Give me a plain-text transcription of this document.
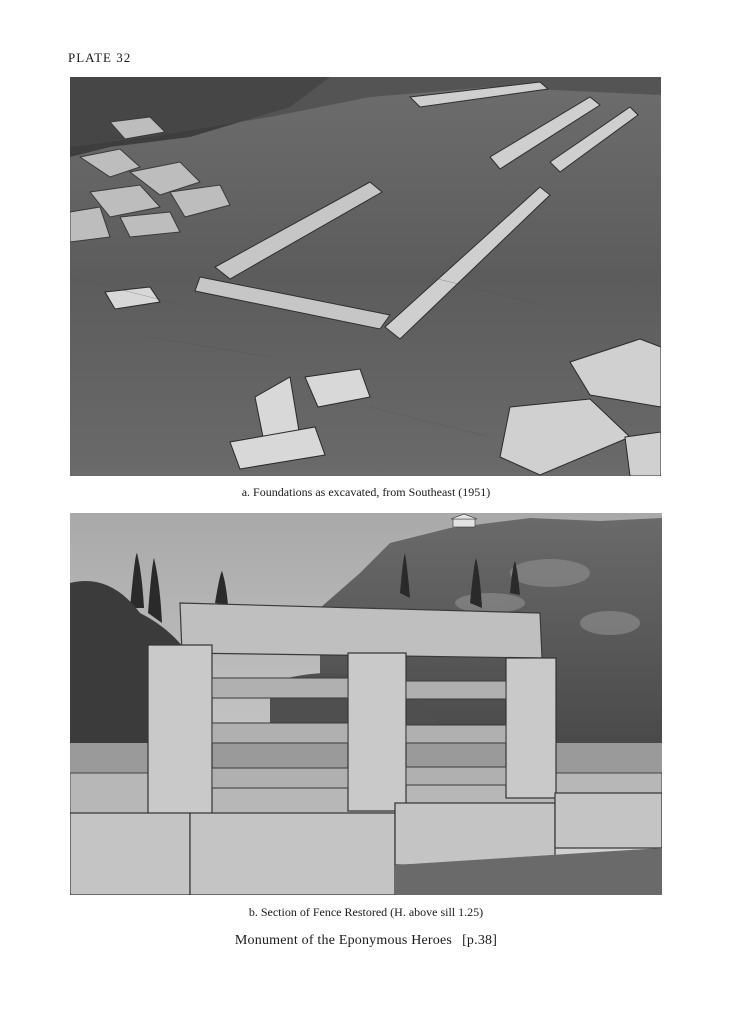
PLATE 32
a. Foundations as excavated, from Southeast (1951)
b. Section of Fence Restored (H. above sill 1.25)
Monument of the Eponymous Heroes [p.38]
